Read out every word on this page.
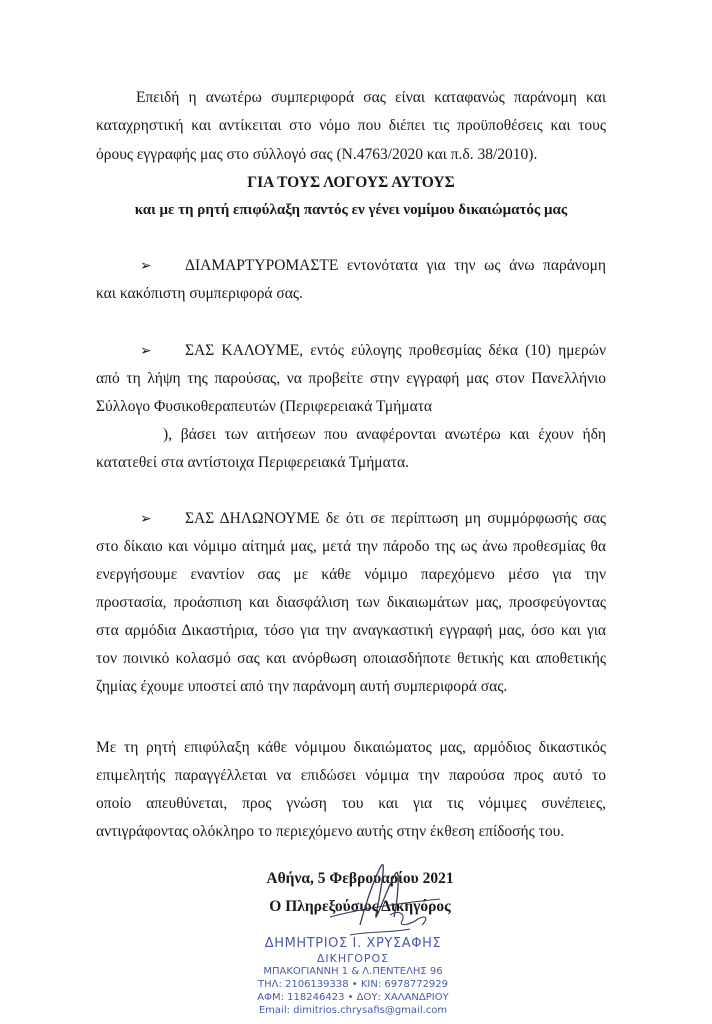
Επειδή η ανωτέρω συμπεριφορά σας είναι καταφανώς παράνομη και
καταχρηστική και αντίκειται στο νόμο που διέπει τις προϋποθέσεις και τους
όρους εγγραφής μας στο σύλλογό σας (Ν.4763/2020 και π.δ. 38/2010).
ΓΙΑ ΤΟΥΣ ΛΟΓΟΥΣ ΑΥΤΟΥΣ
και με τη ρητή επιφύλαξη παντός εν γένει νομίμου δικαιώματός μας
➢ ΔΙΑΜΑΡΤΥΡΟΜΑΣΤΕ εντονότατα για την ως άνω παράνομη
και κακόπιστη συμπεριφορά σας.
➢ ΣΑΣ ΚΑΛΟΥΜΕ, εντός εύλογης προθεσμίας δέκα (10) ημερών
από τη λήψη της παρούσας, να προβείτε στην εγγραφή μας στον Πανελλήνιο
Σύλλογο Φυσικοθεραπευτών (Περιφερειακά Τμήματα
), βάσει των αιτήσεων που αναφέρονται ανωτέρω και έχουν ήδη
κατατεθεί στα αντίστοιχα Περιφερειακά Τμήματα.
➢ ΣΑΣ ΔΗΛΩΝΟΥΜΕ δε ότι σε περίπτωση μη συμμόρφωσής σας
στο δίκαιο και νόμιμο αίτημά μας, μετά την πάροδο της ως άνω προθεσμίας θα
ενεργήσουμε εναντίον σας με κάθε νόμιμο παρεχόμενο μέσο για την
προστασία, προάσπιση και διασφάλιση των δικαιωμάτων μας, προσφεύγοντας
στα αρμόδια Δικαστήρια, τόσο για την αναγκαστική εγγραφή μας, όσο και για
τον ποινικό κολασμό σας και ανόρθωση οποιασδήποτε θετικής και αποθετικής
ζημίας έχουμε υποστεί από την παράνομη αυτή συμπεριφορά σας.
Με τη ρητή επιφύλαξη κάθε νόμιμου δικαιώματος μας, αρμόδιος δικαστικός
επιμελητής παραγγέλλεται να επιδώσει νόμιμα την παρούσα προς αυτό το
οποίο απευθύνεται, προς γνώση του και για τις νόμιμες συνέπειες,
αντιγράφοντας ολόκληρο το περιεχόμενο αυτής στην έκθεση επίδοσής του.
Αθήνα, 5 Φεβρουαρίου 2021
Ο Πληρεξούσιος Δικηγόρος
ΔΗΜΗΤΡΙΟΣ Ι. ΧΡΥΣΑΦΗΣ
ΔΙΚΗΓΟΡΟΣ
ΜΠΑΚΟΓΙΑΝΝΗ 1 & Λ.ΠΕΝΤΕΛΗΣ 96
ΤΗΛ: 2106139338 • ΚΙΝ: 6978772929
ΑΦΜ: 118246423 • ΔΟΥ: ΧΑΛΑΝΔΡΙΟΥ
Email: dimitrios.chrysafis@gmail.com
